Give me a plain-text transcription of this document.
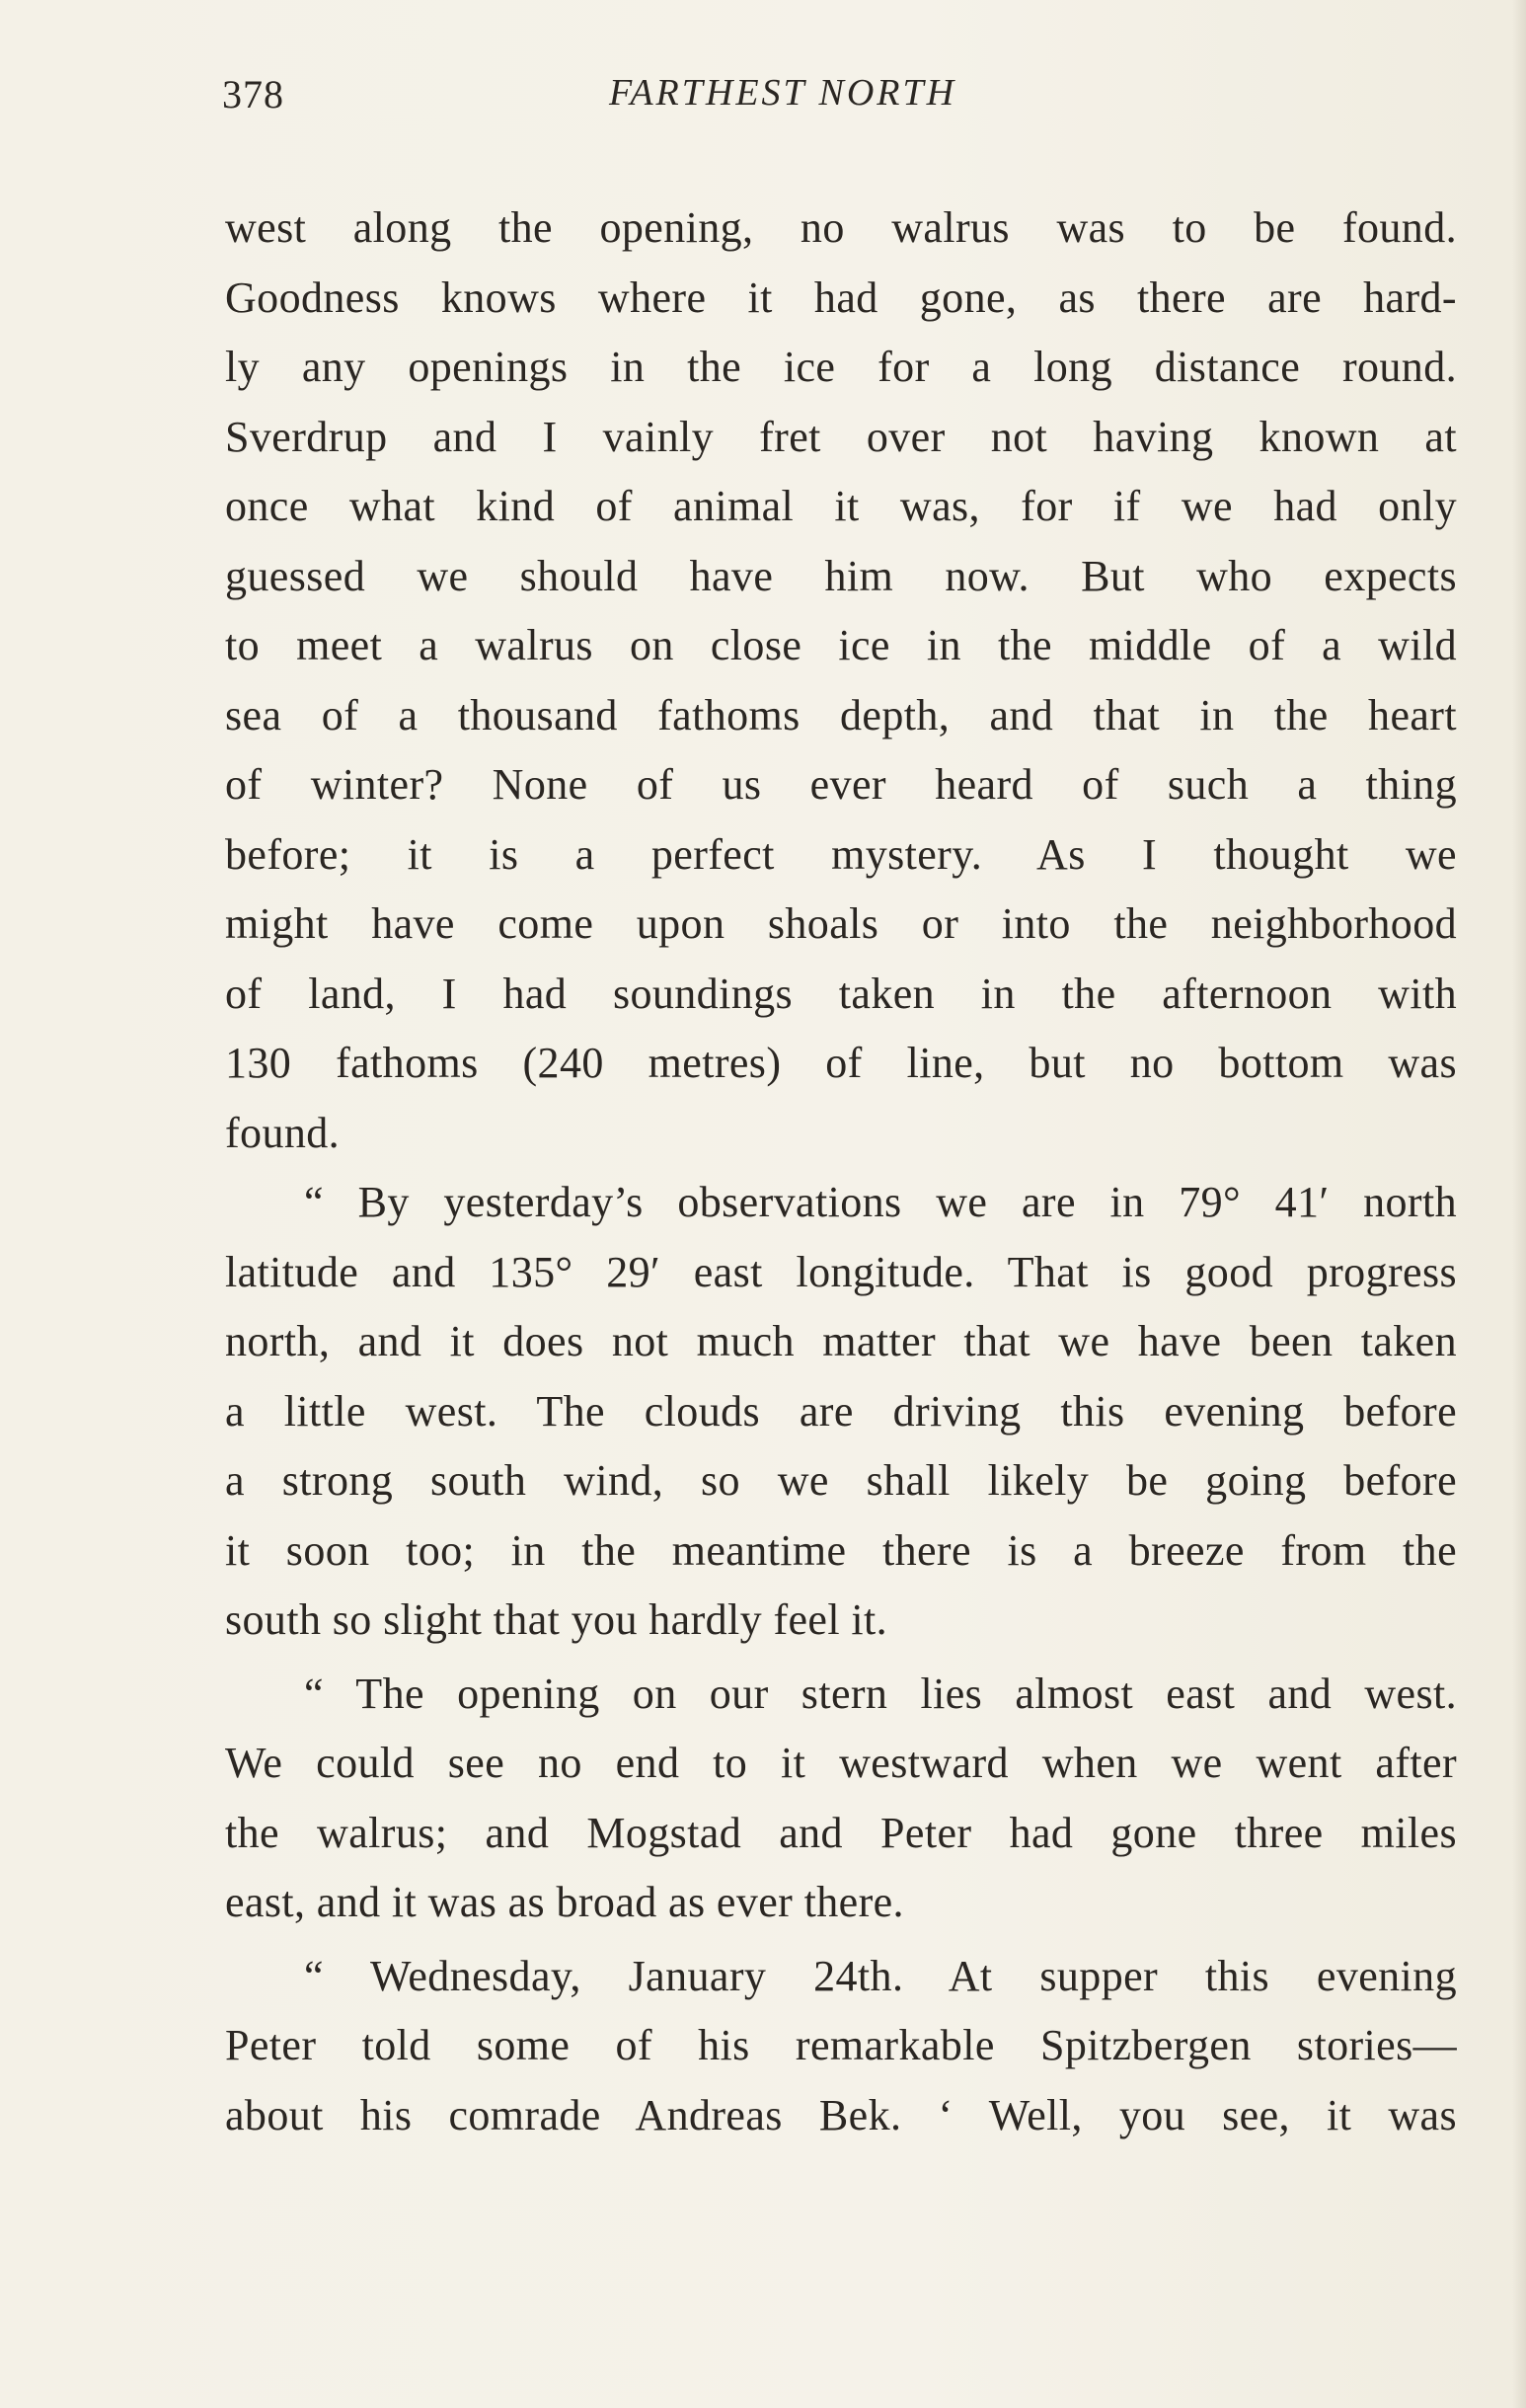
378	FARTHEST NORTH
west along the opening, no walrus was to be found.
Goodness knows where it had gone, as there are hard-
ly any openings in the ice for a long distance round.
Sverdrup and I vainly fret over not having known at
once what kind of animal it was, for if we had only
guessed we should have him now. But who expects
to meet a walrus on close ice in the middle of a wild
sea of a thousand fathoms depth, and that in the heart
of winter? None of us ever heard of such a thing
before; it is a perfect mystery. As I thought we
might have come upon shoals or into the neighborhood
of land, I had soundings taken in the afternoon with
130 fathoms (240 metres) of line, but no bottom was
found.
“ By yesterday’s observations we are in 79° 41′ north
latitude and 135° 29′ east longitude. That is good progress
north, and it does not much matter that we have been taken
a little west. The clouds are driving this evening before
a strong south wind, so we shall likely be going before
it soon too; in the meantime there is a breeze from the
south so slight that you hardly feel it.
“ The opening on our stern lies almost east and west.
We could see no end to it westward when we went after
the walrus; and Mogstad and Peter had gone three miles
east, and it was as broad as ever there.
“ Wednesday, January 24th. At supper this evening
Peter told some of his remarkable Spitzbergen stories—
about his comrade Andreas Bek. ‘ Well, you see, it was
